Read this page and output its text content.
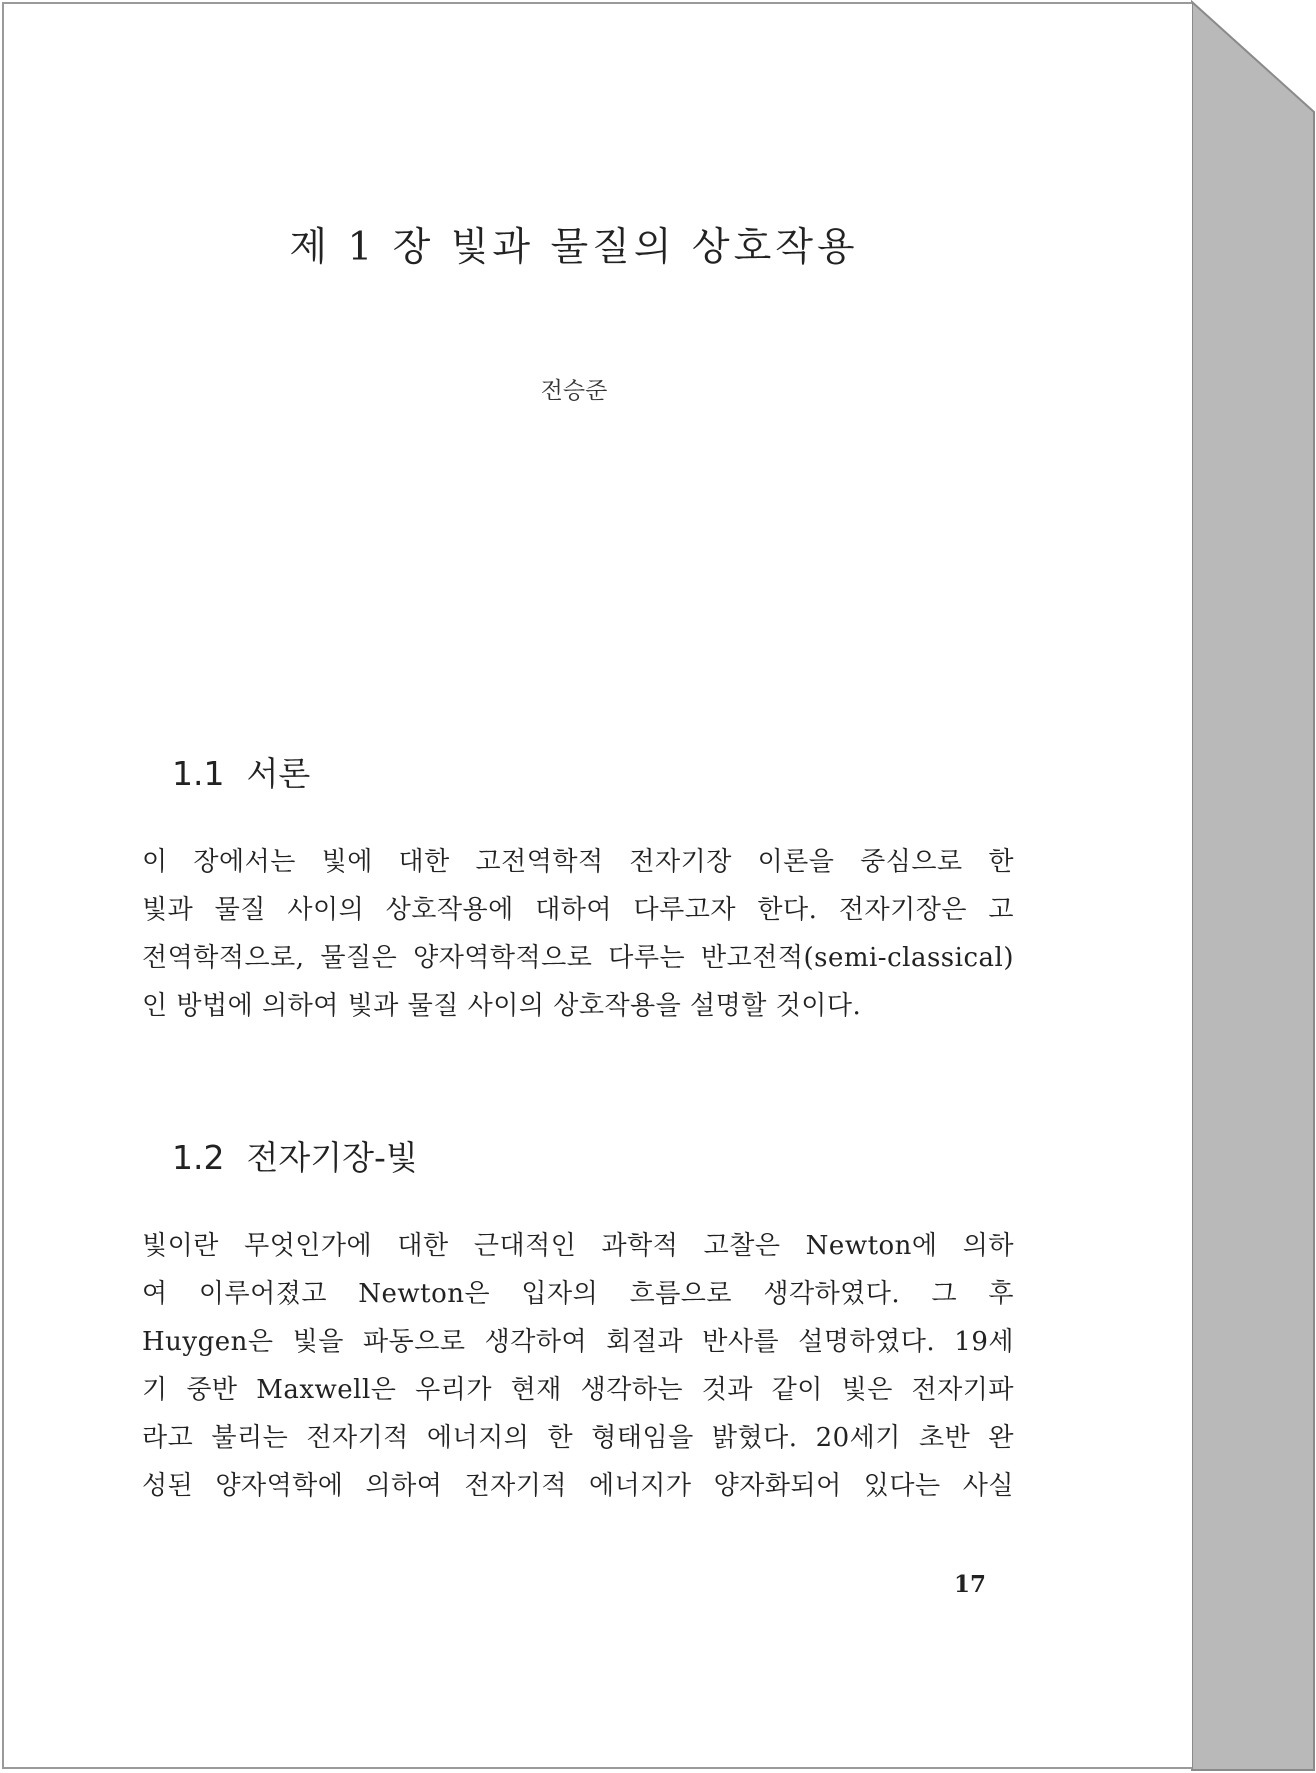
제 1 장 빛과 물질의 상호작용
전승준
1.1 서론

이 장에서는 빛에 대한 고전역학적 전자기장 이론을 중심으로 한
빛과 물질 사이의 상호작용에 대하여 다루고자 한다. 전자기장은 고
전역학적으로, 물질은 양자역학적으로 다루는 반고전적(semi-classical)
인 방법에 의하여 빛과 물질 사이의 상호작용을 설명할 것이다.

1.2 전자기장-빛

빛이란 무엇인가에 대한 근대적인 과학적 고찰은 Newton에 의하
여 이루어졌고 Newton은 입자의 흐름으로 생각하였다. 그 후
Huygen은 빛을 파동으로 생각하여 회절과 반사를 설명하였다. 19세
기 중반 Maxwell은 우리가 현재 생각하는 것과 같이 빛은 전자기파
라고 불리는 전자기적 에너지의 한 형태임을 밝혔다. 20세기 초반 완
성된 양자역학에 의하여 전자기적 에너지가 양자화되어 있다는 사실

17
